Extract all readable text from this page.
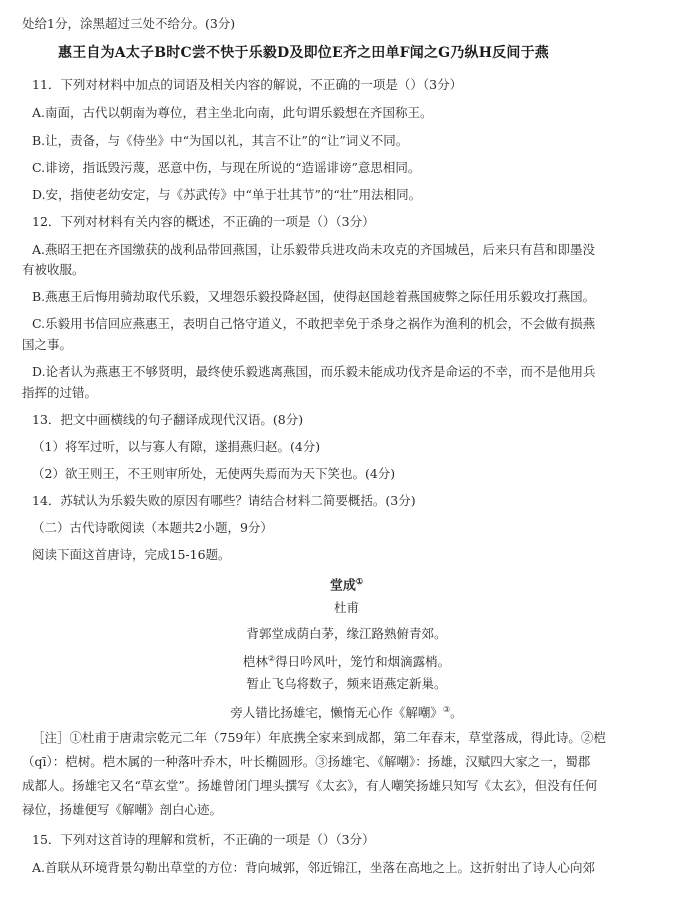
处给1分，涂黑超过三处不给分。(3分)
惠王自为A太子B时C尝不快于乐毅D及即位E齐之田单F闻之G乃纵H反间于燕
11．下列对材料中加点的词语及相关内容的解说，不正确的一项是（）（3分）
A.南面，古代以朝南为尊位，君主坐北向南，此句谓乐毅想在齐国称王。
B.让，责备，与《侍坐》中“为国以礼，其言不让”的“让”词义不同。
C.诽谤，指诋毁污蔑，恶意中伤，与现在所说的“造谣诽谤”意思相同。
D.安，指使老幼安定，与《苏武传》中“单于壮其节”的“壮”用法相同。
12．下列对材料有关内容的概述，不正确的一项是（）（3分）
A.燕昭王把在齐国缴获的战利品带回燕国，让乐毅带兵进攻尚未攻克的齐国城邑，后来只有莒和即墨没
有被收服。
B.燕惠王后悔用骑劫取代乐毅，又埋怨乐毅投降赵国，使得赵国趁着燕国疲弊之际任用乐毅攻打燕国。
C.乐毅用书信回应燕惠王，表明自己恪守道义，不敢把幸免于杀身之祸作为渔利的机会，不会做有损燕
国之事。
D.论者认为燕惠王不够贤明，最终使乐毅逃离燕国，而乐毅未能成功伐齐是命运的不幸，而不是他用兵
指挥的过错。
13．把文中画横线的句子翻译成现代汉语。(8分)
（1）将军过听，以与寡人有隙，遂捐燕归赵。(4分)
（2）欲王则王，不王则审所处，无使两失焉而为天下笑也。(4分)
14．苏轼认为乐毅失败的原因有哪些？请结合材料二简要概括。(3分)
（二）古代诗歌阅读（本题共2小题，9分）
阅读下面这首唐诗，完成15-16题。
堂成①
杜甫
背郭堂成荫白茅，缘江路熟俯青郊。
桤林②得日吟风叶，笼竹和烟滴露梢。
暂止飞乌将数子，频来语燕定新巢。
旁人错比扬雄宅，懒惰无心作《解嘲》③。
［注］①杜甫于唐肃宗乾元二年（759年）年底携全家来到成都，第二年春末，草堂落成，得此诗。②桤
（qī）：桤树。桤木属的一种落叶乔木，叶长椭圆形。③扬雄宅、《解嘲》：扬雄，汉赋四大家之一，蜀郡
成都人。扬雄宅又名“草玄堂”。扬雄曾闭门埋头撰写《太玄》，有人嘲笑扬雄只知写《太玄》，但没有任何
禄位，扬雄便写《解嘲》剖白心迹。
15．下列对这首诗的理解和赏析，不正确的一项是（）（3分）
A.首联从环境背景勾勒出草堂的方位：背向城郭，邻近锦江，坐落在高地之上。这折射出了诗人心向郊
